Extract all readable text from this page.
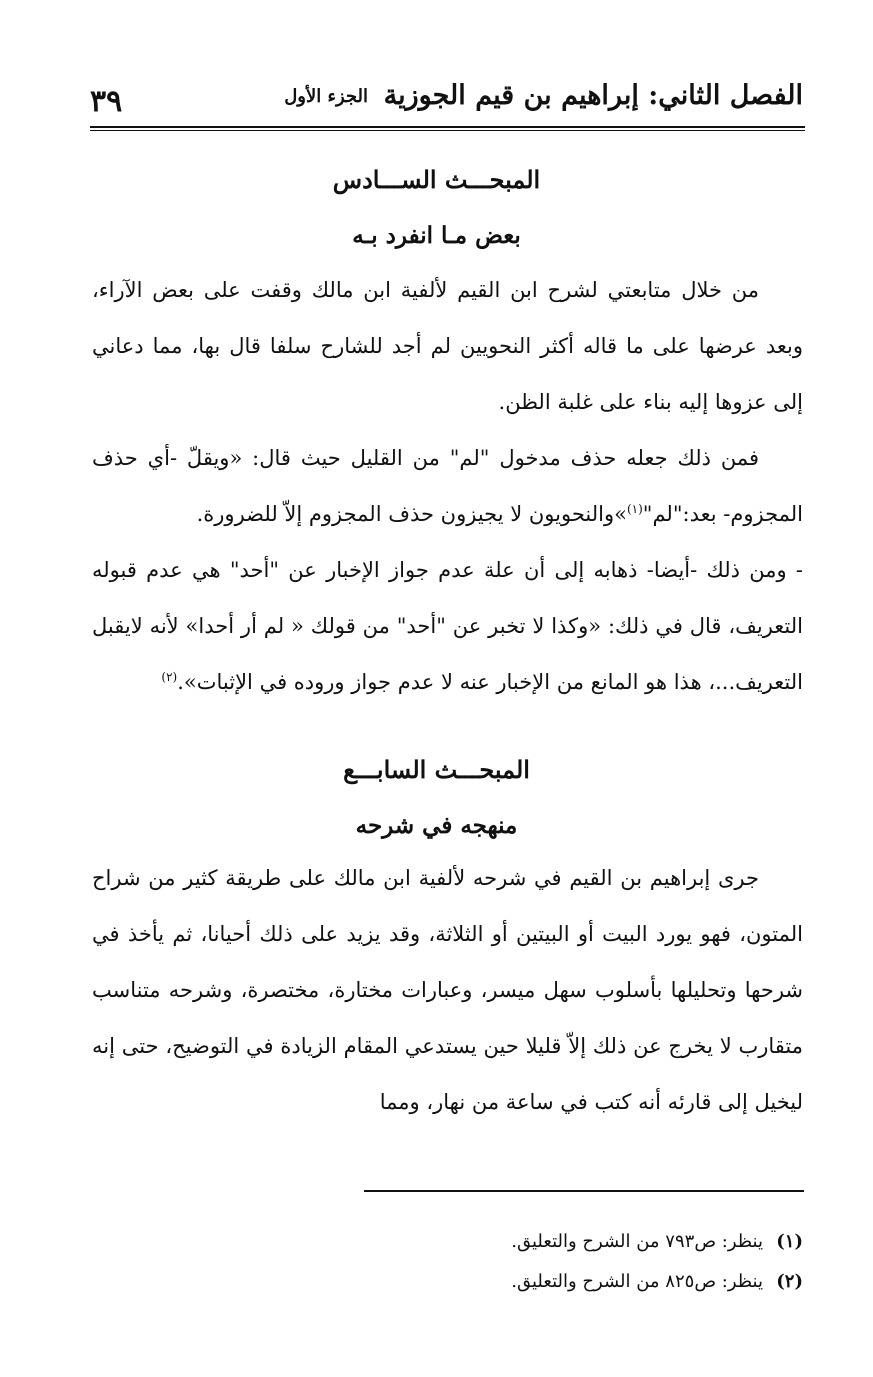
الفصل الثاني: إبراهيم بن قيم الجوزية
الجزء الأول
٣٩
المبحـــث الســـادس
بعض مـا انفرد بـه

من خلال متابعتي لشرح ابن القيم لألفية ابن مالك وقفت على بعض الآراء، وبعد عرضها على ما قاله أكثر النحويين لم أجد للشارح سلفا قال بها، مما دعاني إلى عزوها إليه بناء على غلبة الظن.

فمن ذلك جعله حذف مدخول "لم" من القليل حيث قال: «ويقلّ -أي حذف المجزوم- بعد:"لم"$^{(١)}$»والنحويون لا يجيزون حذف المجزوم إلاّ للضرورة.

- ومن ذلك -أيضا- ذهابه إلى أن علة عدم جواز الإخبار عن "أحد" هي عدم قبوله التعريف، قال في ذلك: «وكذا لا تخبر عن "أحد" من قولك « لم أر أحدا» لأنه لايقبل التعريف...، هذا هو المانع من الإخبار عنه لا عدم جواز وروده في الإثبات».$^{(٢)}$

المبحـــث السابـــع
منهجه في شرحه

جرى إبراهيم بن القيم في شرحه لألفية ابن مالك على طريقة كثير من شراح المتون، فهو يورد البيت أو البيتين أو الثلاثة، وقد يزيد على ذلك أحيانا، ثم يأخذ في شرحها وتحليلها بأسلوب سهل ميسر، وعبارات مختارة، مختصرة، وشرحه متناسب متقارب لا يخرج عن ذلك إلاّ قليلا حين يستدعي المقام الزيادة في التوضيح، حتى إنه ليخيل إلى قارئه أنه كتب في ساعة من نهار، ومما

(١)ينظر: ص٧٩٣ من الشرح والتعليق.
(٢)ينظر: ص٨٢٥ من الشرح والتعليق.
